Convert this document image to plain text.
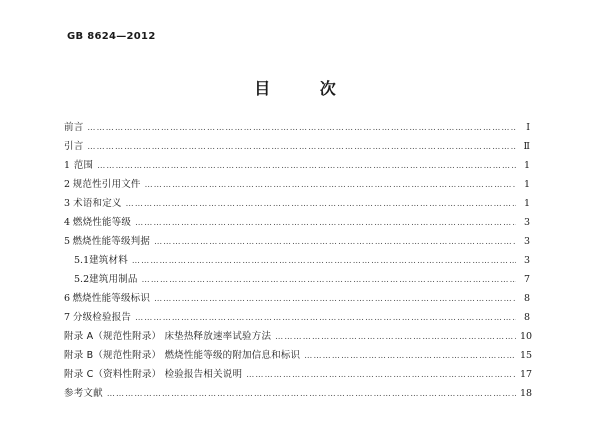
GB 8624—2012
目 次
前言 …………………………………………………………………………………………………………………………………………………………………………………………………………………	Ⅰ
引言 …………………………………………………………………………………………………………………………………………………………………………………………………………………	Ⅱ
1 范围 …………………………………………………………………………………………………………………………………………………………………………………………………………………	1
2 规范性引用文件 …………………………………………………………………………………………………………………………………………………………………………………………………………………	1
3 术语和定义 …………………………………………………………………………………………………………………………………………………………………………………………………………………	1
4 燃烧性能等级 …………………………………………………………………………………………………………………………………………………………………………………………………………………	3
5 燃烧性能等级判据 …………………………………………………………………………………………………………………………………………………………………………………………………………………	3
5.1 建筑材料 …………………………………………………………………………………………………………………………………………………………………………………………………………………	3
5.2 建筑用制品 …………………………………………………………………………………………………………………………………………………………………………………………………………………	7
6 燃烧性能等级标识 …………………………………………………………………………………………………………………………………………………………………………………………………………………	8
7 分级检验报告 …………………………………………………………………………………………………………………………………………………………………………………………………………………	8
附录 A（规范性附录） 床垫热释放速率试验方法 …………………………………………………………………………………………………………………………………………………………………………………………………………………	10
附录 B（规范性附录） 燃烧性能等级的附加信息和标识 …………………………………………………………………………………………………………………………………………………………………………………………………………………	15
附录 C（资料性附录） 检验报告相关说明 …………………………………………………………………………………………………………………………………………………………………………………………………………………	17
参考文献 …………………………………………………………………………………………………………………………………………………………………………………………………………………	18
